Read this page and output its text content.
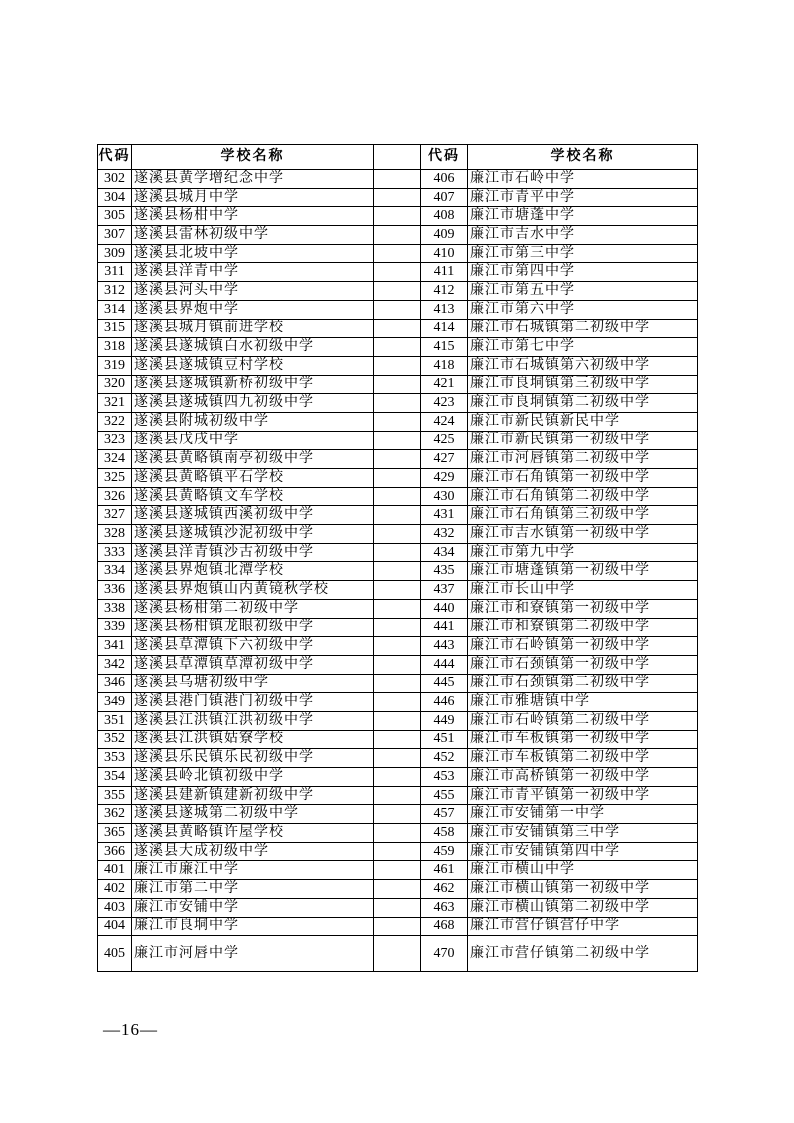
代码	学校名称		代码	学校名称
302	遂溪县黄学增纪念中学		406	廉江市石岭中学
304	遂溪县城月中学		407	廉江市青平中学
305	遂溪县杨柑中学		408	廉江市塘蓬中学
307	遂溪县雷林初级中学		409	廉江市吉水中学
309	遂溪县北坡中学		410	廉江市第三中学
311	遂溪县洋青中学		411	廉江市第四中学
312	遂溪县河头中学		412	廉江市第五中学
314	遂溪县界炮中学		413	廉江市第六中学
315	遂溪县城月镇前进学校		414	廉江市石城镇第二初级中学
318	遂溪县遂城镇白水初级中学		415	廉江市第七中学
319	遂溪县遂城镇豆村学校		418	廉江市石城镇第六初级中学
320	遂溪县遂城镇新桥初级中学		421	廉江市良垌镇第三初级中学
321	遂溪县遂城镇四九初级中学		423	廉江市良垌镇第二初级中学
322	遂溪县附城初级中学		424	廉江市新民镇新民中学
323	遂溪县戊戌中学		425	廉江市新民镇第一初级中学
324	遂溪县黄略镇南亭初级中学		427	廉江市河唇镇第二初级中学
325	遂溪县黄略镇平石学校		429	廉江市石角镇第一初级中学
326	遂溪县黄略镇文车学校		430	廉江市石角镇第二初级中学
327	遂溪县遂城镇西溪初级中学		431	廉江市石角镇第三初级中学
328	遂溪县遂城镇沙泥初级中学		432	廉江市吉水镇第一初级中学
333	遂溪县洋青镇沙古初级中学		434	廉江市第九中学
334	遂溪县界炮镇北潭学校		435	廉江市塘蓬镇第一初级中学
336	遂溪县界炮镇山内黄镜秋学校		437	廉江市长山中学
338	遂溪县杨柑第二初级中学		440	廉江市和寮镇第一初级中学
339	遂溪县杨柑镇龙眼初级中学		441	廉江市和寮镇第二初级中学
341	遂溪县草潭镇下六初级中学		443	廉江市石岭镇第一初级中学
342	遂溪县草潭镇草潭初级中学		444	廉江市石颈镇第一初级中学
346	遂溪县乌塘初级中学		445	廉江市石颈镇第二初级中学
349	遂溪县港门镇港门初级中学		446	廉江市雅塘镇中学
351	遂溪县江洪镇江洪初级中学		449	廉江市石岭镇第二初级中学
352	遂溪县江洪镇姑寮学校		451	廉江市车板镇第一初级中学
353	遂溪县乐民镇乐民初级中学		452	廉江市车板镇第二初级中学
354	遂溪县岭北镇初级中学		453	廉江市高桥镇第一初级中学
355	遂溪县建新镇建新初级中学		455	廉江市青平镇第一初级中学
362	遂溪县遂城第二初级中学		457	廉江市安铺第一中学
365	遂溪县黄略镇许屋学校		458	廉江市安铺镇第三中学
366	遂溪县大成初级中学		459	廉江市安铺镇第四中学
401	廉江市廉江中学		461	廉江市横山中学
402	廉江市第二中学		462	廉江市横山镇第一初级中学
403	廉江市安铺中学		463	廉江市横山镇第二初级中学
404	廉江市良垌中学		468	廉江市营仔镇营仔中学
405	廉江市河唇中学		470	廉江市营仔镇第二初级中学
—16—
